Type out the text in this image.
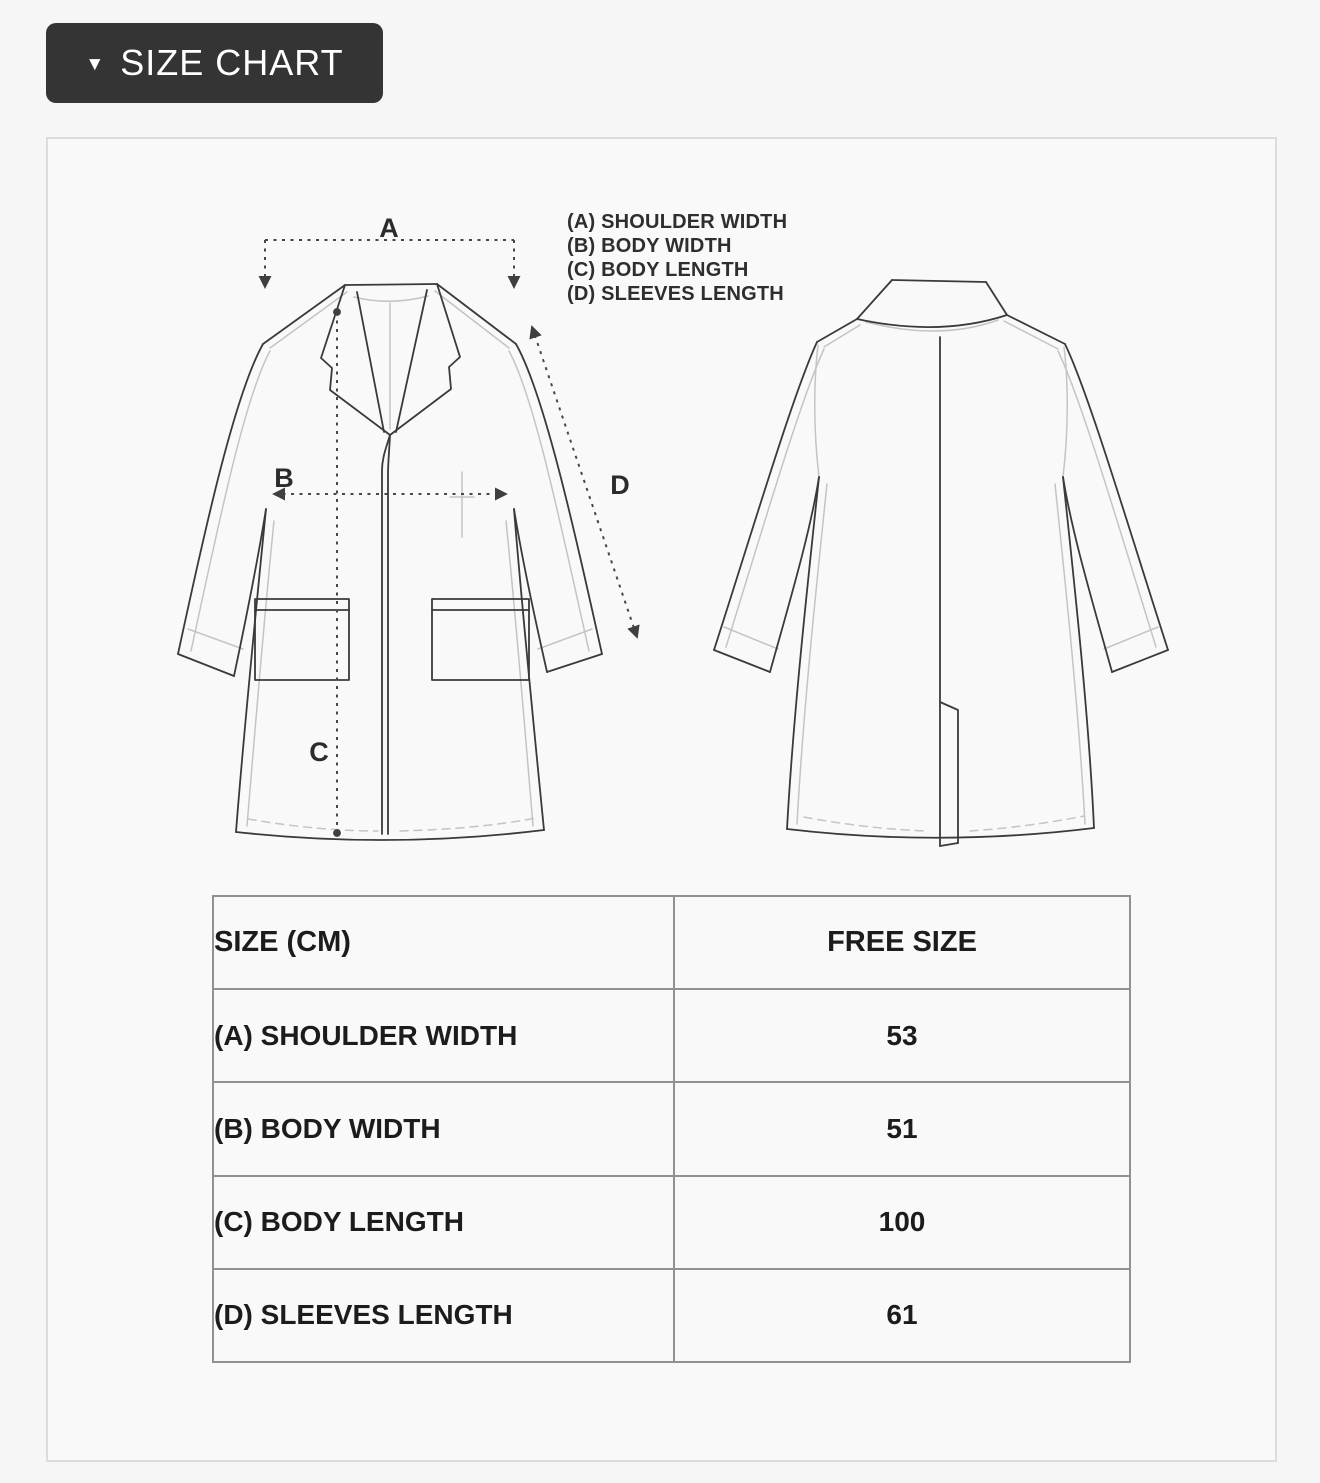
▼ SIZE CHART
A
B
C
D
(A) SHOULDER WIDTH
(B) BODY WIDTH
(C) BODY LENGTH
(D) SLEEVES LENGTH
SIZE (CM)	FREE SIZE
(A) SHOULDER WIDTH	53
(B) BODY WIDTH	51
(C) BODY LENGTH	100
(D) SLEEVES LENGTH	61
